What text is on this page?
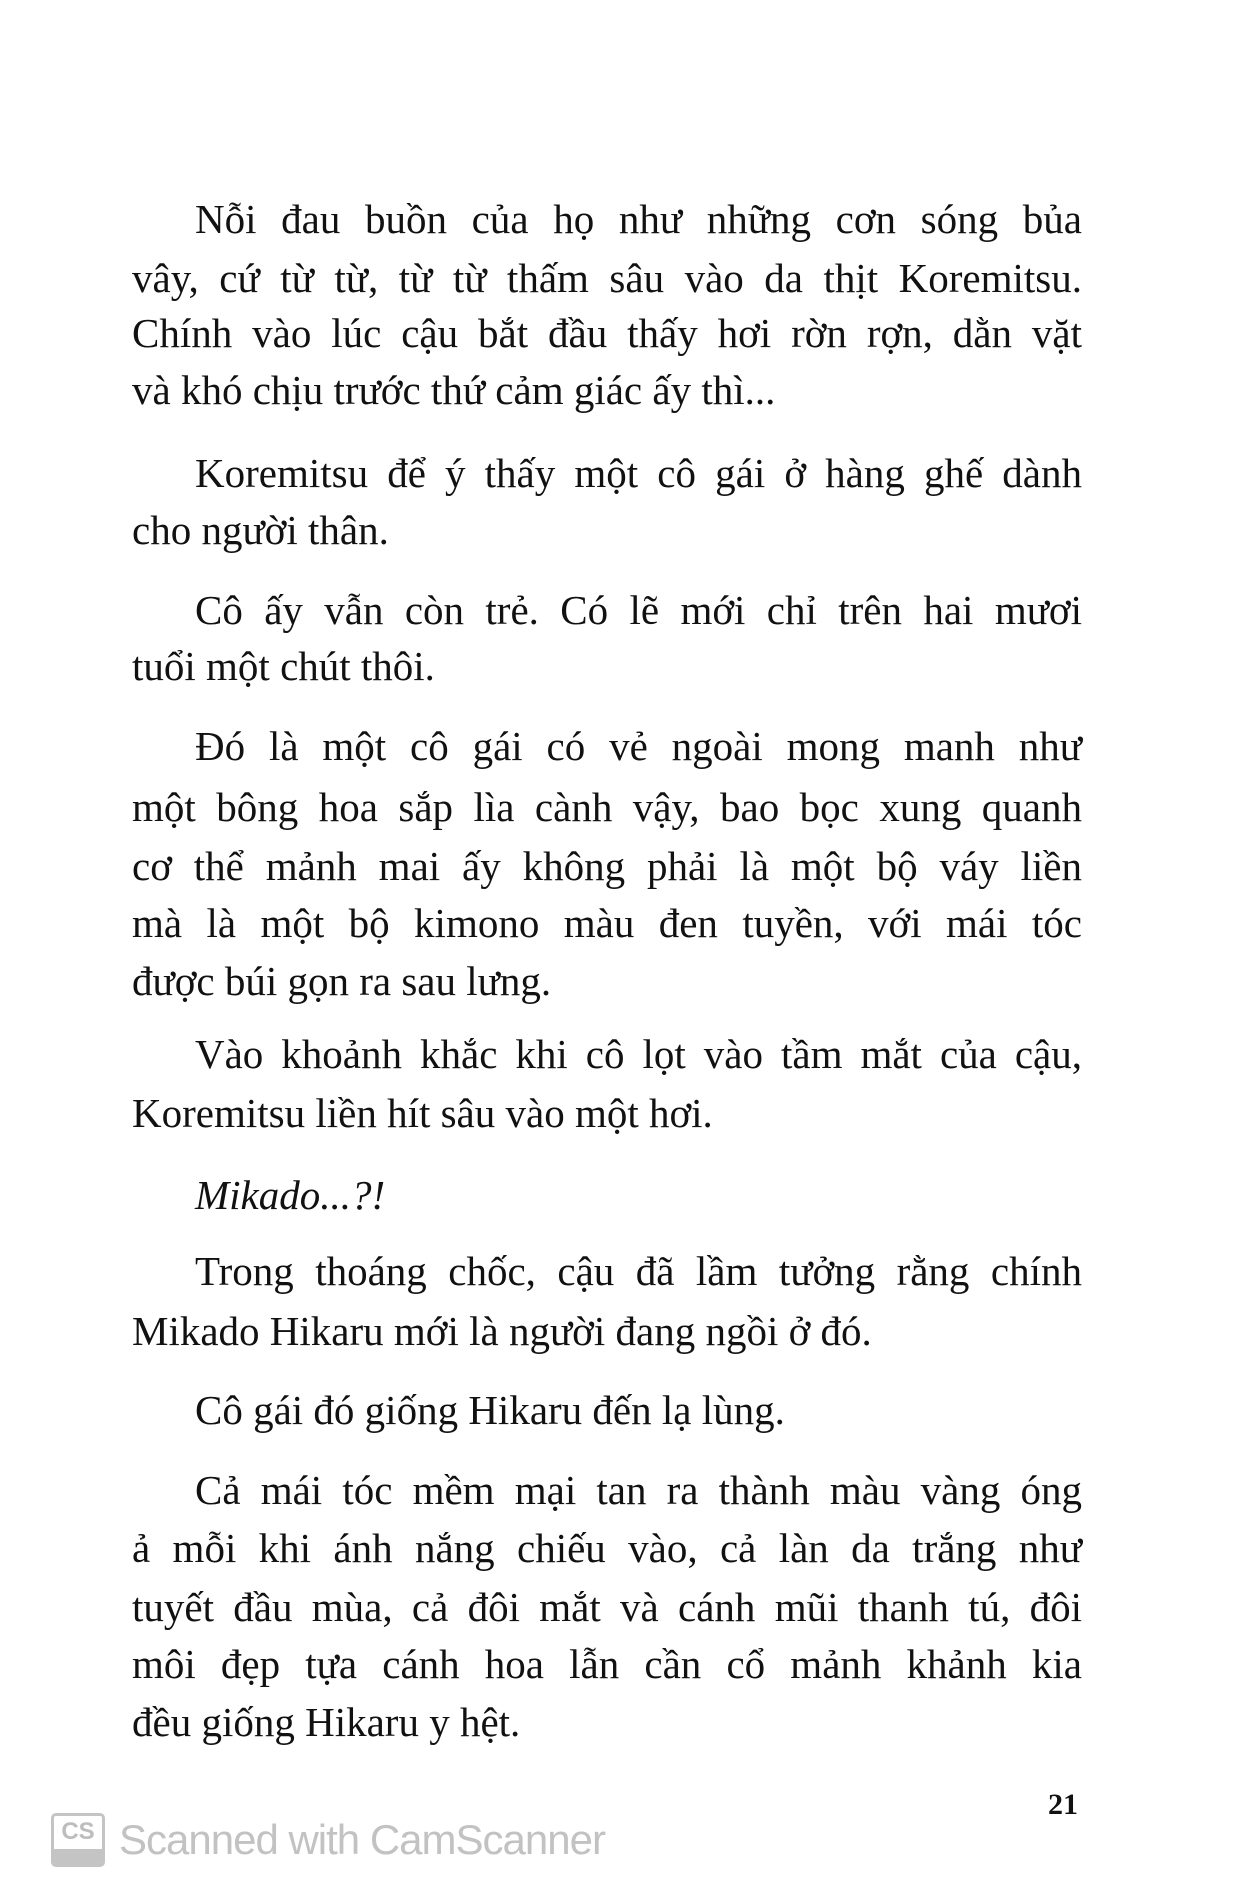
Nỗi đau buồn của họ như những cơn sóng bủa
vây, cứ từ từ, từ từ thấm sâu vào da thịt Koremitsu.
Chính vào lúc cậu bắt đầu thấy hơi rờn rợn, dằn vặt
và khó chịu trước thứ cảm giác ấy thì...
Koremitsu để ý thấy một cô gái ở hàng ghế dành
cho người thân.
Cô ấy vẫn còn trẻ. Có lẽ mới chỉ trên hai mươi
tuổi một chút thôi.
Đó là một cô gái có vẻ ngoài mong manh như
một bông hoa sắp lìa cành vậy, bao bọc xung quanh
cơ thể mảnh mai ấy không phải là một bộ váy liền
mà là một bộ kimono màu đen tuyền, với mái tóc
được búi gọn ra sau lưng.
Vào khoảnh khắc khi cô lọt vào tầm mắt của cậu,
Koremitsu liền hít sâu vào một hơi.
Mikado...?!
Trong thoáng chốc, cậu đã lầm tưởng rằng chính
Mikado Hikaru mới là người đang ngồi ở đó.
Cô gái đó giống Hikaru đến lạ lùng.
Cả mái tóc mềm mại tan ra thành màu vàng óng
ả mỗi khi ánh nắng chiếu vào, cả làn da trắng như
tuyết đầu mùa, cả đôi mắt và cánh mũi thanh tú, đôi
môi đẹp tựa cánh hoa lẫn cần cổ mảnh khảnh kia
đều giống Hikaru y hệt.
21
CS Scanned with CamScanner
